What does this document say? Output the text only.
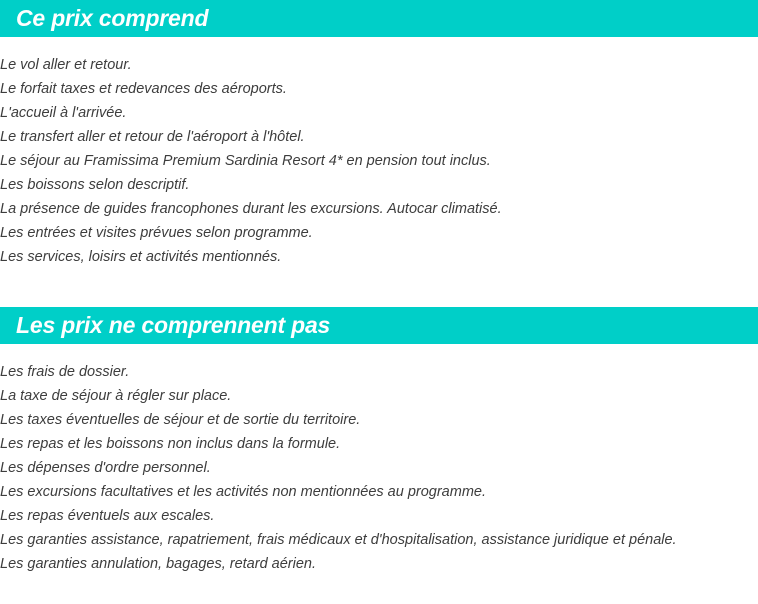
Ce prix comprend
Le vol aller et retour.
Le forfait taxes et redevances des aéroports.
L'accueil à l'arrivée.
Le transfert aller et retour de l'aéroport à l'hôtel.
Le séjour au Framissima Premium Sardinia Resort 4* en pension tout inclus.
Les boissons selon descriptif.
La présence de guides francophones durant les excursions. Autocar climatisé.
Les entrées et visites prévues selon programme.
Les services, loisirs et activités mentionnés.
Les prix ne comprennent pas
Les frais de dossier.
La taxe de séjour à régler sur place.
Les taxes éventuelles de séjour et de sortie du territoire.
Les repas et les boissons non inclus dans la formule.
Les dépenses d'ordre personnel.
Les excursions facultatives et les activités non mentionnées au programme.
Les repas éventuels aux escales.
Les garanties assistance, rapatriement, frais médicaux et d'hospitalisation, assistance juridique et pénale.
Les garanties annulation, bagages, retard aérien.
